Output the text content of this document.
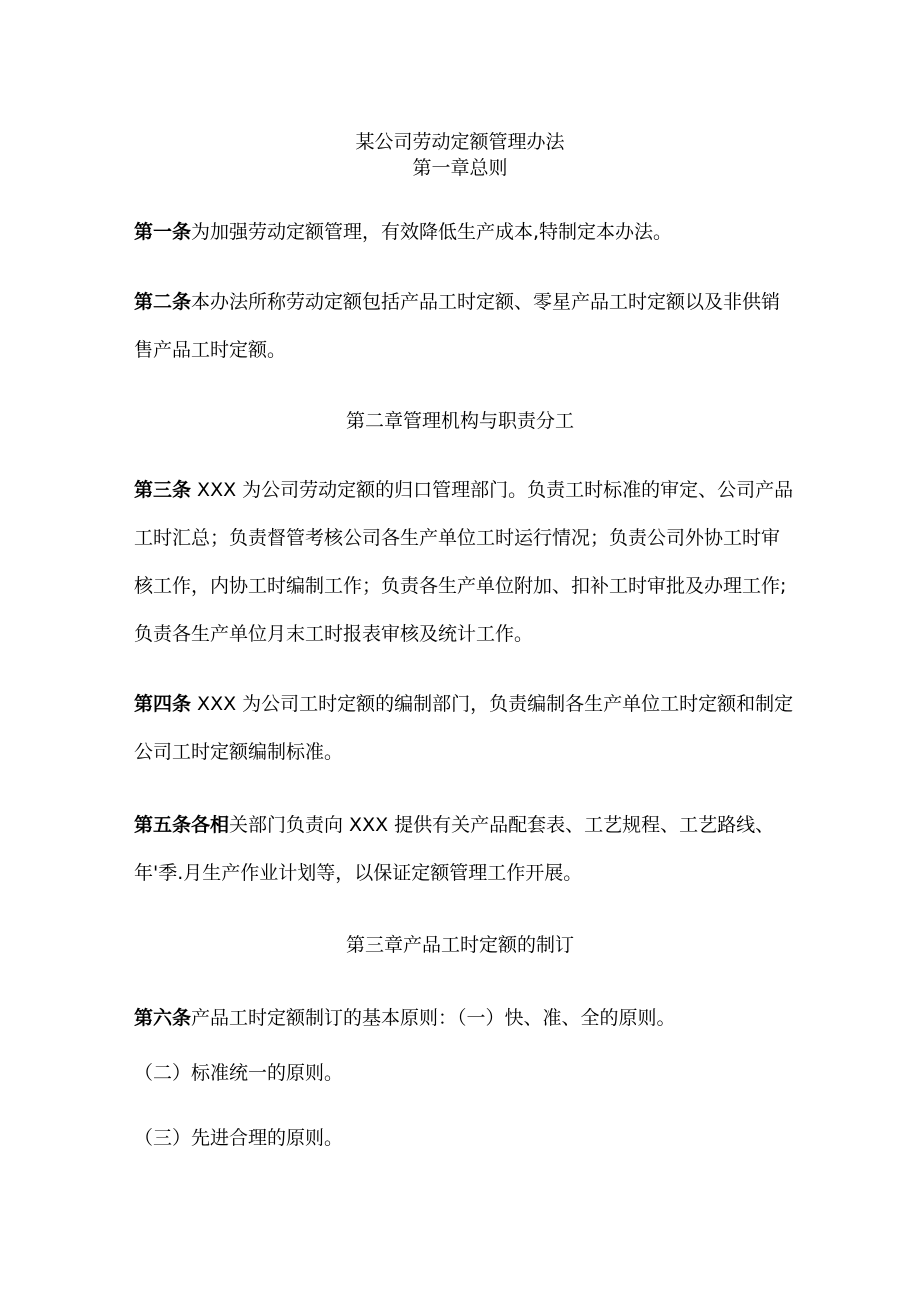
某公司劳动定额管理办法
第一章总则

第一条为加强劳动定额管理，有效降低生产成本,特制定本办法。

第二条本办法所称劳动定额包括产品工时定额、零星产品工时定额以及非供销售产品工时定额。

第二章管理机构与职责分工

第三条 XXX 为公司劳动定额的归口管理部门。负责工时标准的审定、公司产品工时汇总；负责督管考核公司各生产单位工时运行情况；负责公司外协工时审核工作，内协工时编制工作；负责各生产单位附加、扣补工时审批及办理工作;负责各生产单位月末工时报表审核及统计工作。

第四条 XXX 为公司工时定额的编制部门，负责编制各生产单位工时定额和制定公司工时定额编制标准。

第五条各相关部门负责向 XXX 提供有关产品配套表、工艺规程、工艺路线、年'季.月生产作业计划等，以保证定额管理工作开展。

第三章产品工时定额的制订

第六条产品工时定额制订的基本原则：（一）快、准、全的原则。

（二）标准统一的原则。

（三）先进合理的原则。
